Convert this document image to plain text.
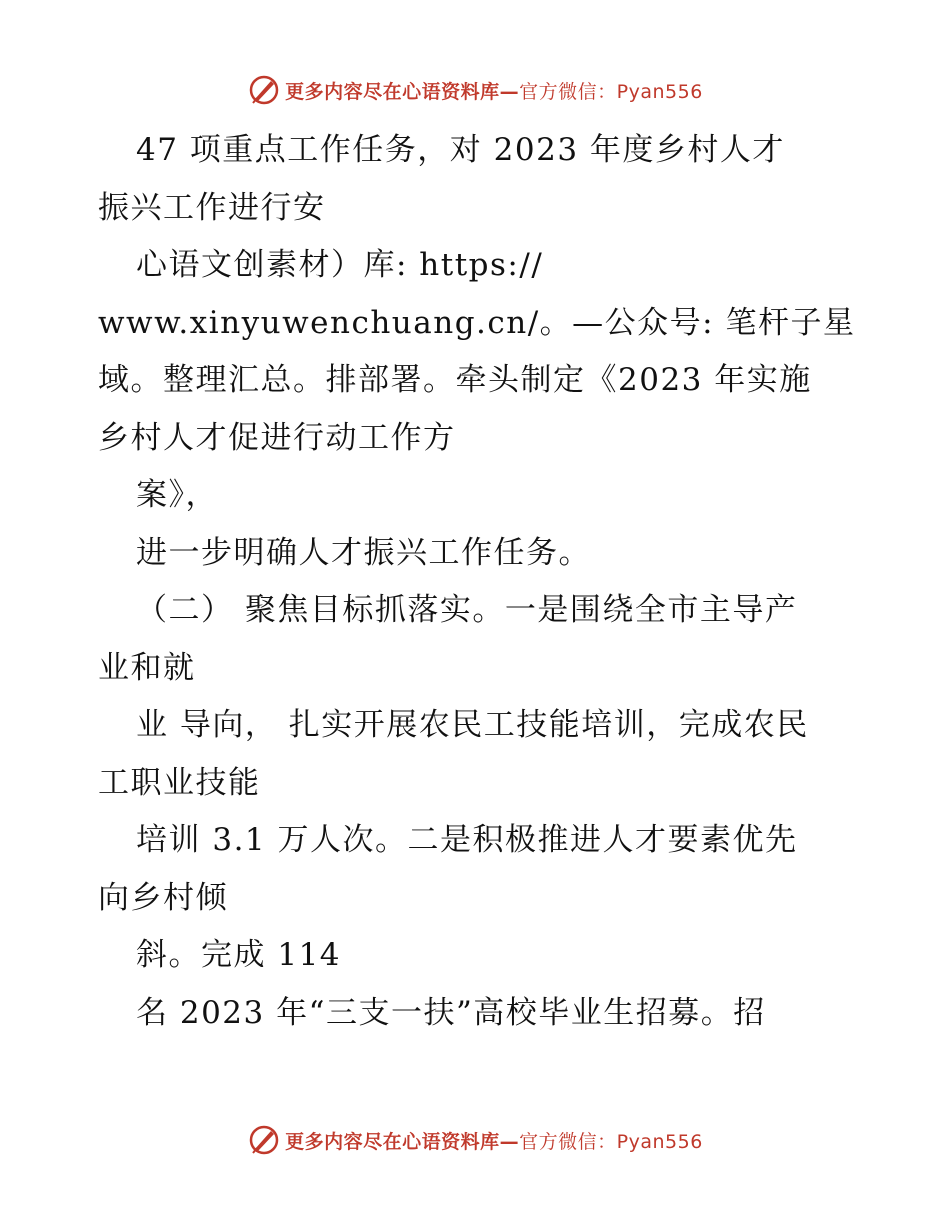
更多内容尽在心语资料库—官方微信：Pyan556
47 项重点工作任务，对 2023 年度乡村人才
振兴工作进行安
心语文创素材）库: https://
www.xinyuwenchuang.cn/。—公众号: 笔杆子星
域。整理汇总。排部署。牵头制定《2023 年实施
乡村人才促进行动工作方
案》，
进一步明确人才振兴工作任务。
（二） 聚焦目标抓落实。一是围绕全市主导产
业和就
业 导向， 扎实开展农民工技能培训，完成农民
工职业技能
培训 3.1 万人次。二是积极推进人才要素优先
向乡村倾
斜。完成 114
名 2023 年“三支一扶”高校毕业生招募。招
更多内容尽在心语资料库—官方微信：Pyan556
